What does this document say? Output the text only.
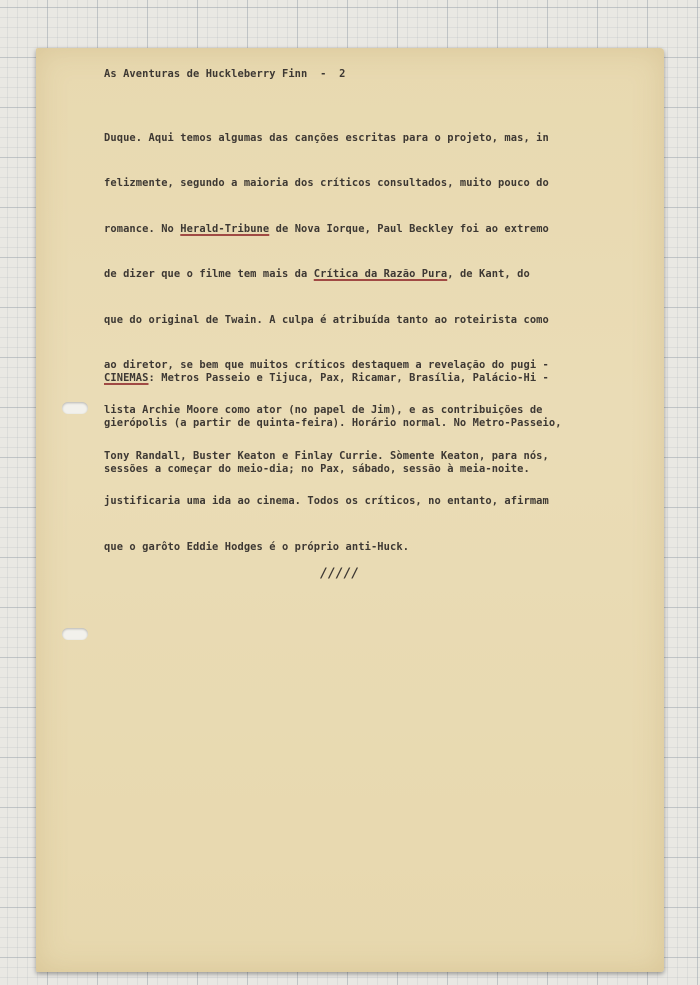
As Aventuras de Huckleberry Finn  -  2

Duque. Aqui temos algumas das canções escritas para o projeto, mas, in

felizmente, segundo a maioria dos críticos consultados, muito pouco do

romance. No Herald-Tribune de Nova Iorque, Paul Beckley foi ao extremo

de dizer que o filme tem mais da Crítica da Razão Pura, de Kant, do

que do original de Twain. A culpa é atribuída tanto ao roteirista como

ao diretor, se bem que muitos críticos destaquem a revelação do pugi -

lista Archie Moore como ator (no papel de Jim), e as contribuições de

Tony Randall, Buster Keaton e Finlay Currie. Sòmente Keaton, para nós,

justificaria uma ida ao cinema. Todos os críticos, no entanto, afirmam

que o garôto Eddie Hodges é o próprio anti-Huck.

CINEMAS: Metros Passeio e Tijuca, Pax, Ricamar, Brasília, Palácio-Hi -

gierópolis (a partir de quinta-feira). Horário normal. No Metro-Passeio,

sessões a começar do meio-dia; no Pax, sábado, sessão à meia-noite.

/////
